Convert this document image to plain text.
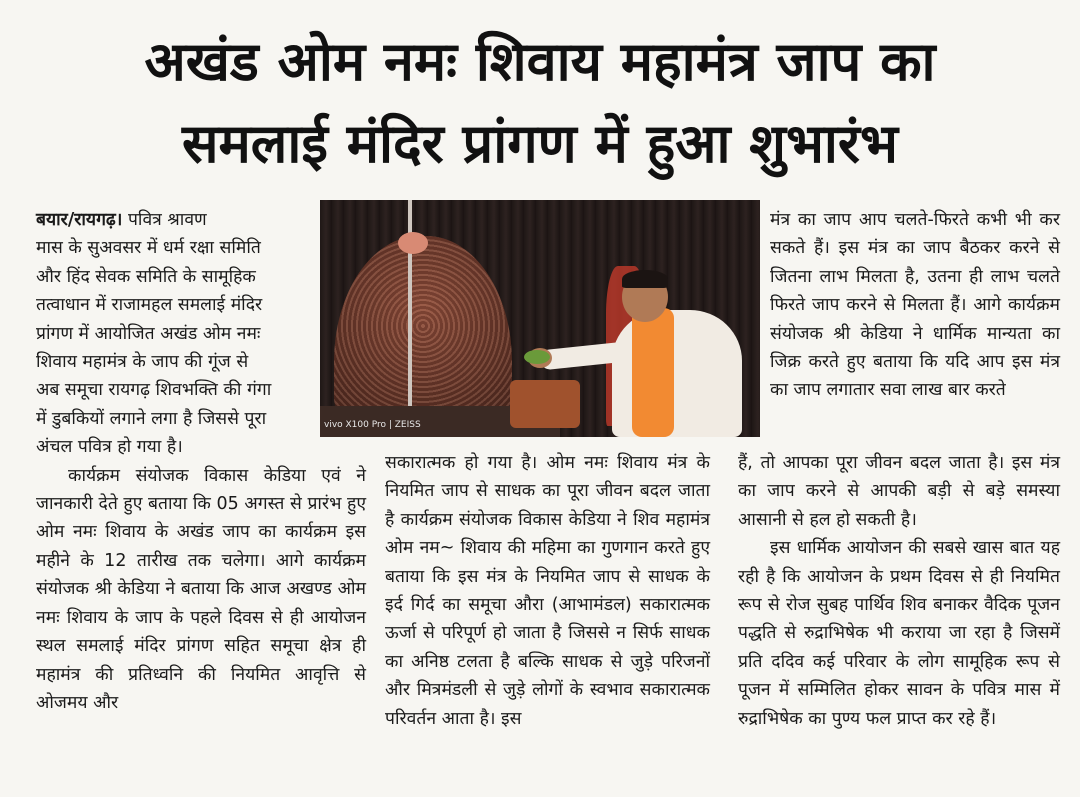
अखंड ओम नमः शिवाय महामंत्र जाप का
समलाई मंदिर प्रांगण में हुआ शुभारंभ

बयार/रायगढ़। पवित्र श्रावण
मास के सुअवसर में धर्म रक्षा समिति
और हिंद सेवक समिति के सामूहिक
तत्वाधान में राजामहल समलाई मंदिर
प्रांगण में आयोजित अखंड ओम नमः
शिवाय महामंत्र के जाप की गूंज से
अब समूचा रायगढ़ शिवभक्ति की गंगा
में डुबकियों लगाने लगा है जिससे पूरा
अंचल पवित्र हो गया है।

कार्यक्रम संयोजक विकास केडिया एवं ने जानकारी देते हुए बताया कि 05 अगस्त से प्रारंभ हुए ओम नमः शिवाय के अखंड जाप का कार्यक्रम इस महीने के 12 तारीख तक चलेगा। आगे कार्यक्रम संयोजक श्री केडिया ने बताया कि आज अखण्ड ओम नमः शिवाय के जाप के पहले दिवस से ही आयोजन स्थल समलाई मंदिर प्रांगण सहित समूचा क्षेत्र ही महामंत्र की प्रतिध्वनि की नियमित आवृत्ति से ओजमय और

vivo X100 Pro | ZEISS

सकारात्मक हो गया है। ओम नमः शिवाय मंत्र के नियमित जाप से साधक का पूरा जीवन बदल जाता है कार्यक्रम संयोजक विकास केडिया ने शिव महामंत्र ओम नम~ शिवाय की महिमा का गुणगान करते हुए बताया कि इस मंत्र के नियमित जाप से साधक के इर्द गिर्द का समूचा औरा (आभामंडल) सकारात्मक ऊर्जा से परिपूर्ण हो जाता है जिससे न सिर्फ साधक का अनिष्ठ टलता है बल्कि साधक से जुड़े परिजनों और मित्रमंडली से जुड़े लोगों के स्वभाव सकारात्मक परिवर्तन आता है। इस

मंत्र का जाप आप चलते-फिरते कभी भी कर सकते हैं। इस मंत्र का जाप बैठकर करने से जितना लाभ मिलता है, उतना ही लाभ चलते फिरते जाप करने से मिलता हैं। आगे कार्यक्रम संयोजक श्री केडिया ने धार्मिक मान्यता का जिक्र करते हुए बताया कि यदि आप इस मंत्र का जाप लगातार सवा लाख बार करते

हैं, तो आपका पूरा जीवन बदल जाता है। इस मंत्र का जाप करने से आपकी बड़ी से बड़े समस्या आसानी से हल हो सकती है।

इस धार्मिक आयोजन की सबसे खास बात यह रही है कि आयोजन के प्रथम दिवस से ही नियमित रूप से रोज सुबह पार्थिव शिव बनाकर वैदिक पूजन पद्धति से रुद्राभिषेक भी कराया जा रहा है जिसमें प्रति ददिव कई परिवार के लोग सामूहिक रूप से पूजन में सम्मिलित होकर सावन के पवित्र मास में रुद्राभिषेक का पुण्य फल प्राप्त कर रहे हैं।
